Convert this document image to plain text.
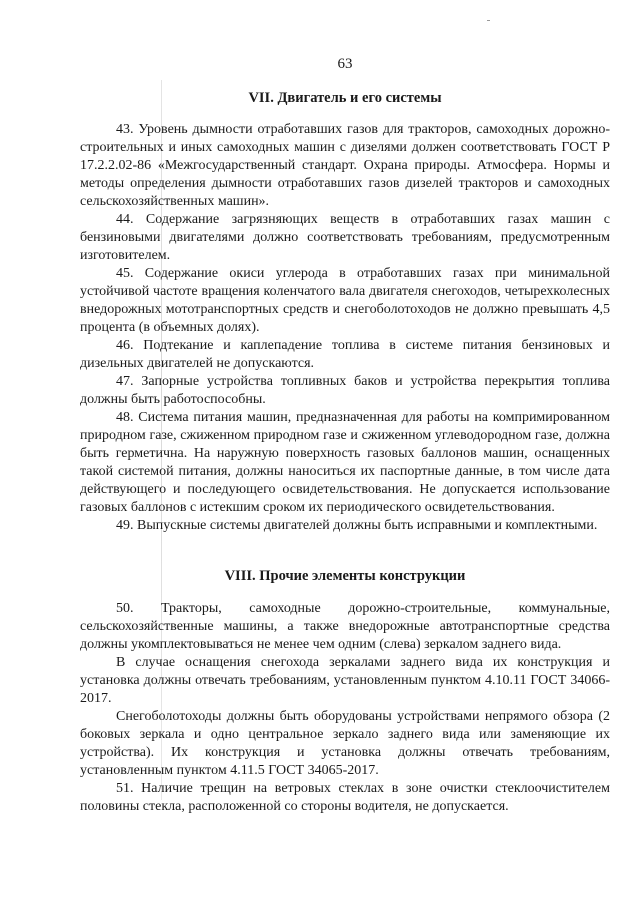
63
VII. Двигатель и его системы

43. Уровень дымности отработавших газов для тракторов, самоходных дорожно-строительных и иных самоходных машин с дизелями должен соответствовать ГОСТ Р 17.2.2.02-86 «Межгосударственный стандарт. Охрана природы. Атмосфера. Нормы и методы определения дымности отработавших газов дизелей тракторов и самоходных сельскохозяйственных машин».

44. Содержание загрязняющих веществ в отработавших газах машин с бензиновыми двигателями должно соответствовать требованиям, предусмотренным изготовителем.

45. Содержание окиси углерода в отработавших газах при минимальной устойчивой частоте вращения коленчатого вала двигателя снегоходов, четырехколесных внедорожных мототранспортных средств и снегоболотоходов не должно превышать 4,5 процента (в объемных долях).

46. Подтекание и каплепадение топлива в системе питания бензиновых и дизельных двигателей не допускаются.

47. Запорные устройства топливных баков и устройства перекрытия топлива должны быть работоспособны.

48. Система питания машин, предназначенная для работы на компримированном природном газе, сжиженном природном газе и сжиженном углеводородном газе, должна быть герметична. На наружную поверхность газовых баллонов машин, оснащенных такой системой питания, должны наноситься их паспортные данные, в том числе дата действующего и последующего освидетельствования. Не допускается использование газовых баллонов с истекшим сроком их периодического освидетельствования.

49. Выпускные системы двигателей должны быть исправными и комплектными.

VIII. Прочие элементы конструкции

50. Тракторы, самоходные дорожно-строительные, коммунальные, сельскохозяйственные машины, а также внедорожные автотранспортные средства должны укомплектовываться не менее чем одним (слева) зеркалом заднего вида.

В случае оснащения снегохода зеркалами заднего вида их конструкция и установка должны отвечать требованиям, установленным пунктом 4.10.11 ГОСТ 34066-2017.

Снегоболотоходы должны быть оборудованы устройствами непрямого обзора (2 боковых зеркала и одно центральное зеркало заднего вида или заменяющие их устройства). Их конструкция и установка должны отвечать требованиям, установленным пунктом 4.11.5 ГОСТ 34065-2017.

51. Наличие трещин на ветровых стеклах в зоне очистки стеклоочистителем половины стекла, расположенной со стороны водителя, не допускается.
